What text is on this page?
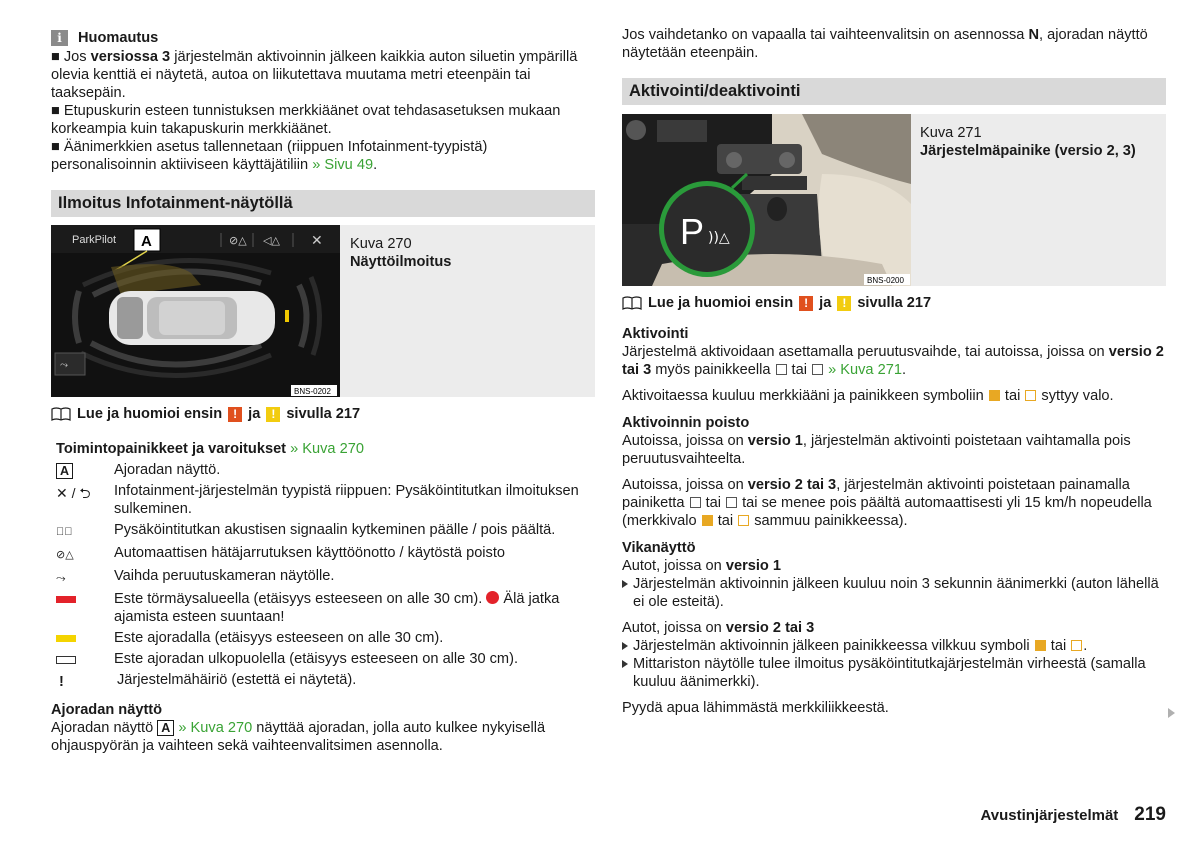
i	Huomautus

■ Jos versiossa 3 järjestelmän aktivoinnin jälkeen kaikkia auton siluetin ympärillä olevia kenttiä ei näytetä, autoa on liikutettava muutama metri eteenpäin tai taaksepäin.

■ Etupuskurin esteen tunnistuksen merkkiäänet ovat tehdasasetuksen mukaan korkeampia kuin takapuskurin merkkiäänet.

■ Äänimerkkien asetus tallennetaan (riippuen Infotainment-tyypistä) personalisoinnin aktiiviseen käyttäjätiliin » Sivu 49.

Ilmoitus Infotainment-näytöllä
ParkPilot A	⊘△ ◁△ ✕
⤳
BNS-0202
Kuva 270
Näyttöilmoitus
Lue ja huomioi ensin ! ja ! sivulla 217

Toimintopainikkeet ja varoitukset » Kuva 270

A	Ajoradan näyttö.
✕ / ⮌	Infotainment-järjestelmän tyypistä riippuen: Pysäköintitutkan ilmoituksen sulkeminen.
◁⃤	Pysäköintitutkan akustisen signaalin kytkeminen päälle / pois päältä.
⊘△	Automaattisen hätäjarrutuksen käyttöönotto / käytöstä poisto
⤳	Vaihda peruutuskameran näytölle.
Este törmäysalueella (etäisyys esteeseen on alle 30 cm).  Älä jatka ajamista esteen suuntaan!
Este ajoradalla (etäisyys esteeseen on alle 30 cm).
Este ajoradan ulkopuolella (etäisyys esteeseen on alle 30 cm).
!	Järjestelmähäiriö (estettä ei näytetä).

Ajoradan näyttö

Ajoradan näyttö A » Kuva 270 näyttää ajoradan, jolla auto kulkee nykyisellä ohjauspyörän ja vaihteen sekä vaihteenvalitsimen asennolla.

Jos vaihdetanko on vapaalla tai vaihteenvalitsin on asennossa N, ajoradan näyttö näytetään eteenpäin.

Aktivointi/deaktivointi
P ))△
BNS-0200
Kuva 271
Järjestelmäpainike (versio 2, 3)
Lue ja huomioi ensin ! ja ! sivulla 217

Aktivointi

Järjestelmä aktivoidaan asettamalla peruutusvaihde, tai autoissa, joissa on versio 2 tai 3 myös painikkeella  tai  » Kuva 271.

Aktivoitaessa kuuluu merkkiääni ja painikkeen symboliin  tai  syttyy valo.

Aktivoinnin poisto

Autoissa, joissa on versio 1, järjestelmän aktivointi poistetaan vaihtamalla pois peruutusvaihteelta.

Autoissa, joissa on versio 2 tai 3, järjestelmän aktivointi poistetaan painamalla painiketta  tai  tai se menee pois päältä automaattisesti yli 15 km/h nopeudella (merkkivalo  tai  sammuu painikkeessa).

Vikanäyttö

Autot, joissa on versio 1

Järjestelmän aktivoinnin jälkeen kuuluu noin 3 sekunnin äänimerkki (auton lähellä ei ole esteitä).

Autot, joissa on versio 2 tai 3

Järjestelmän aktivoinnin jälkeen painikkeessa vilkkuu symboli  tai .
Mittariston näytölle tulee ilmoitus pysäköintitutkajärjestelmän virheestä (samalla kuuluu äänimerkki).

Pyydä apua lähimmästä merkkiliikkeestä.

Avustinjärjestelmät 219
